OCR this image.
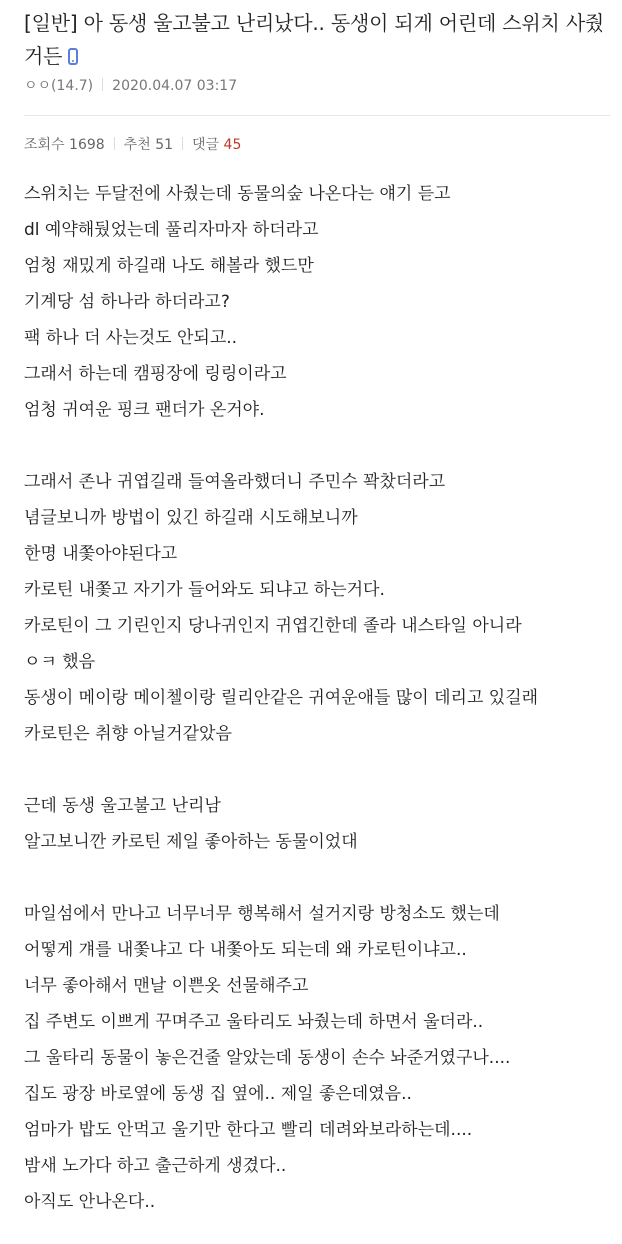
[일반] 아 동생 울고불고 난리났다.. 동생이 되게 어린데 스위치 사줬거든
ㅇㅇ(14.7) 2020.04.07 03:17
조회수 1698 추천 51 댓글 45
스위치는 두달전에 사줬는데 동물의숲 나온다는 얘기 듣고
dl 예약해뒀었는데 풀리자마자 하더라고
엄청 재밌게 하길래 나도 해볼라 했드만
기계당 섬 하나라 하더라고?
팩 하나 더 사는것도 안되고..
그래서 하는데 캠핑장에 링링이라고
엄청 귀여운 핑크 팬더가 온거야.
그래서 존나 귀엽길래 들여올라했더니 주민수 꽉찼더라고
념글보니까 방법이 있긴 하길래 시도해보니까
한명 내쫓아야된다고
카로틴 내쫓고 자기가 들어와도 되냐고 하는거다.
카로틴이 그 기린인지 당나귀인지 귀엽긴한데 졸라 내스타일 아니라
ㅇㅋ 했음
동생이 메이랑 메이첼이랑 릴리안같은 귀여운애들 많이 데리고 있길래
카로틴은 취향 아닐거같았음
근데 동생 울고불고 난리남
알고보니깐 카로틴 제일 좋아하는 동물이었대
마일섬에서 만나고 너무너무 행복해서 설거지랑 방청소도 했는데
어떻게 걔를 내쫓냐고 다 내쫓아도 되는데 왜 카로틴이냐고..
너무 좋아해서 맨날 이쁜옷 선물해주고
집 주변도 이쁘게 꾸며주고 울타리도 놔줬는데 하면서 울더라..
그 울타리 동물이 놓은건줄 알았는데 동생이 손수 놔준거였구나....
집도 광장 바로옆에 동생 집 옆에.. 제일 좋은데였음..
엄마가 밥도 안먹고 울기만 한다고 빨리 데려와보라하는데....
밤새 노가다 하고 출근하게 생겼다..
아직도 안나온다..
